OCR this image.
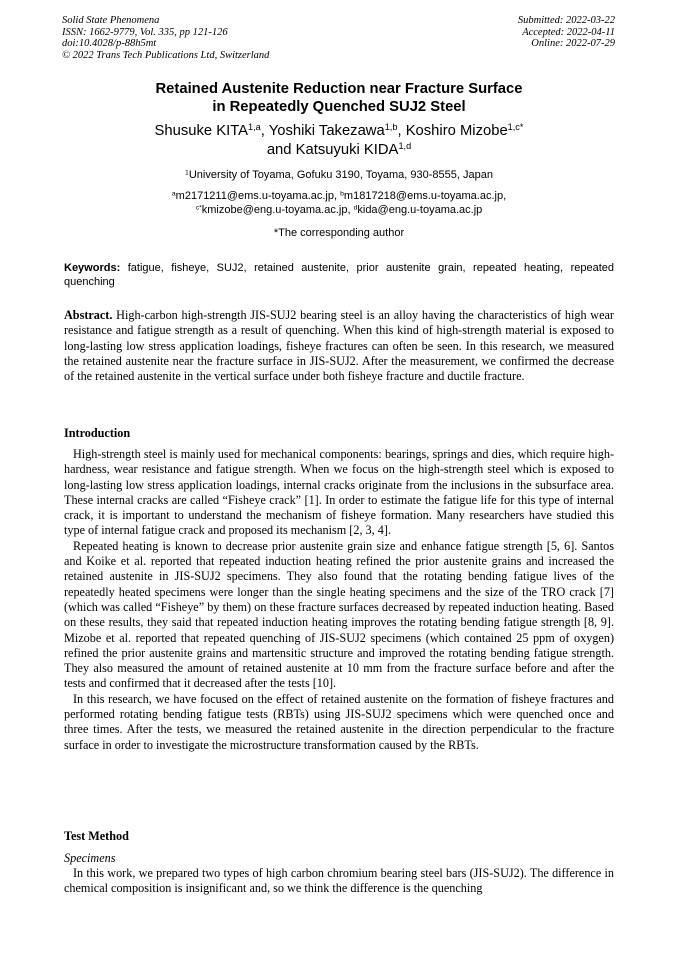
Solid State Phenomena
ISSN: 1662-9779, Vol. 335, pp 121-126
doi:10.4028/p-88h5mt
© 2022 Trans Tech Publications Ltd, Switzerland
Submitted: 2022-03-22
Accepted: 2022-04-11
Online: 2022-07-29
Retained Austenite Reduction near Fracture Surface
in Repeatedly Quenched SUJ2 Steel
Shusuke KITA$^{1,a}$, Yoshiki Takezawa$^{1,b}$, Koshiro Mizobe$^{1,c*}$
and Katsuyuki KIDA$^{1,d}$
$^1$University of Toyama, Gofuku 3190, Toyama, 930-8555, Japan
$^a$m2171211@ems.u-toyama.ac.jp, $^b$m1817218@ems.u-toyama.ac.jp,
$^{c*}$kmizobe@eng.u-toyama.ac.jp, $^d$kida@eng.u-toyama.ac.jp
*The corresponding author
Keywords: fatigue, fisheye, SUJ2, retained austenite, prior austenite grain, repeated heating, repeated quenching
Abstract. High-carbon high-strength JIS-SUJ2 bearing steel is an alloy having the characteristics of high wear resistance and fatigue strength as a result of quenching. When this kind of high-strength material is exposed to long-lasting low stress application loadings, fisheye fractures can often be seen. In this research, we measured the retained austenite near the fracture surface in JIS-SUJ2. After the measurement, we confirmed the decrease of the retained austenite in the vertical surface under both fisheye fracture and ductile fracture.
Introduction

High-strength steel is mainly used for mechanical components: bearings, springs and dies, which require high-hardness, wear resistance and fatigue strength. When we focus on the high-strength steel which is exposed to long-lasting low stress application loadings, internal cracks originate from the inclusions in the subsurface area. These internal cracks are called “Fisheye crack” [1]. In order to estimate the fatigue life for this type of internal crack, it is important to understand the mechanism of fisheye formation. Many researchers have studied this type of internal fatigue crack and proposed its mechanism [2, 3, 4].

Repeated heating is known to decrease prior austenite grain size and enhance fatigue strength [5, 6]. Santos and Koike et al. reported that repeated induction heating refined the prior austenite grains and increased the retained austenite in JIS-SUJ2 specimens. They also found that the rotating bending fatigue lives of the repeatedly heated specimens were longer than the single heating specimens and the size of the TRO crack [7] (which was called “Fisheye” by them) on these fracture surfaces decreased by repeated induction heating. Based on these results, they said that repeated induction heating improves the rotating bending fatigue strength [8, 9]. Mizobe et al. reported that repeated quenching of JIS-SUJ2 specimens (which contained 25 ppm of oxygen) refined the prior austenite grains and martensitic structure and improved the rotating bending fatigue strength. They also measured the amount of retained austenite at 10 mm from the fracture surface before and after the tests and confirmed that it decreased after the tests [10].

In this research, we have focused on the effect of retained austenite on the formation of fisheye fractures and performed rotating bending fatigue tests (RBTs) using JIS-SUJ2 specimens which were quenched once and three times. After the tests, we measured the retained austenite in the direction perpendicular to the fracture surface in order to investigate the microstructure transformation caused by the RBTs.

Test Method
Specimens

In this work, we prepared two types of high carbon chromium bearing steel bars (JIS-SUJ2). The difference in chemical composition is insignificant and, so we think the difference is the quenching
